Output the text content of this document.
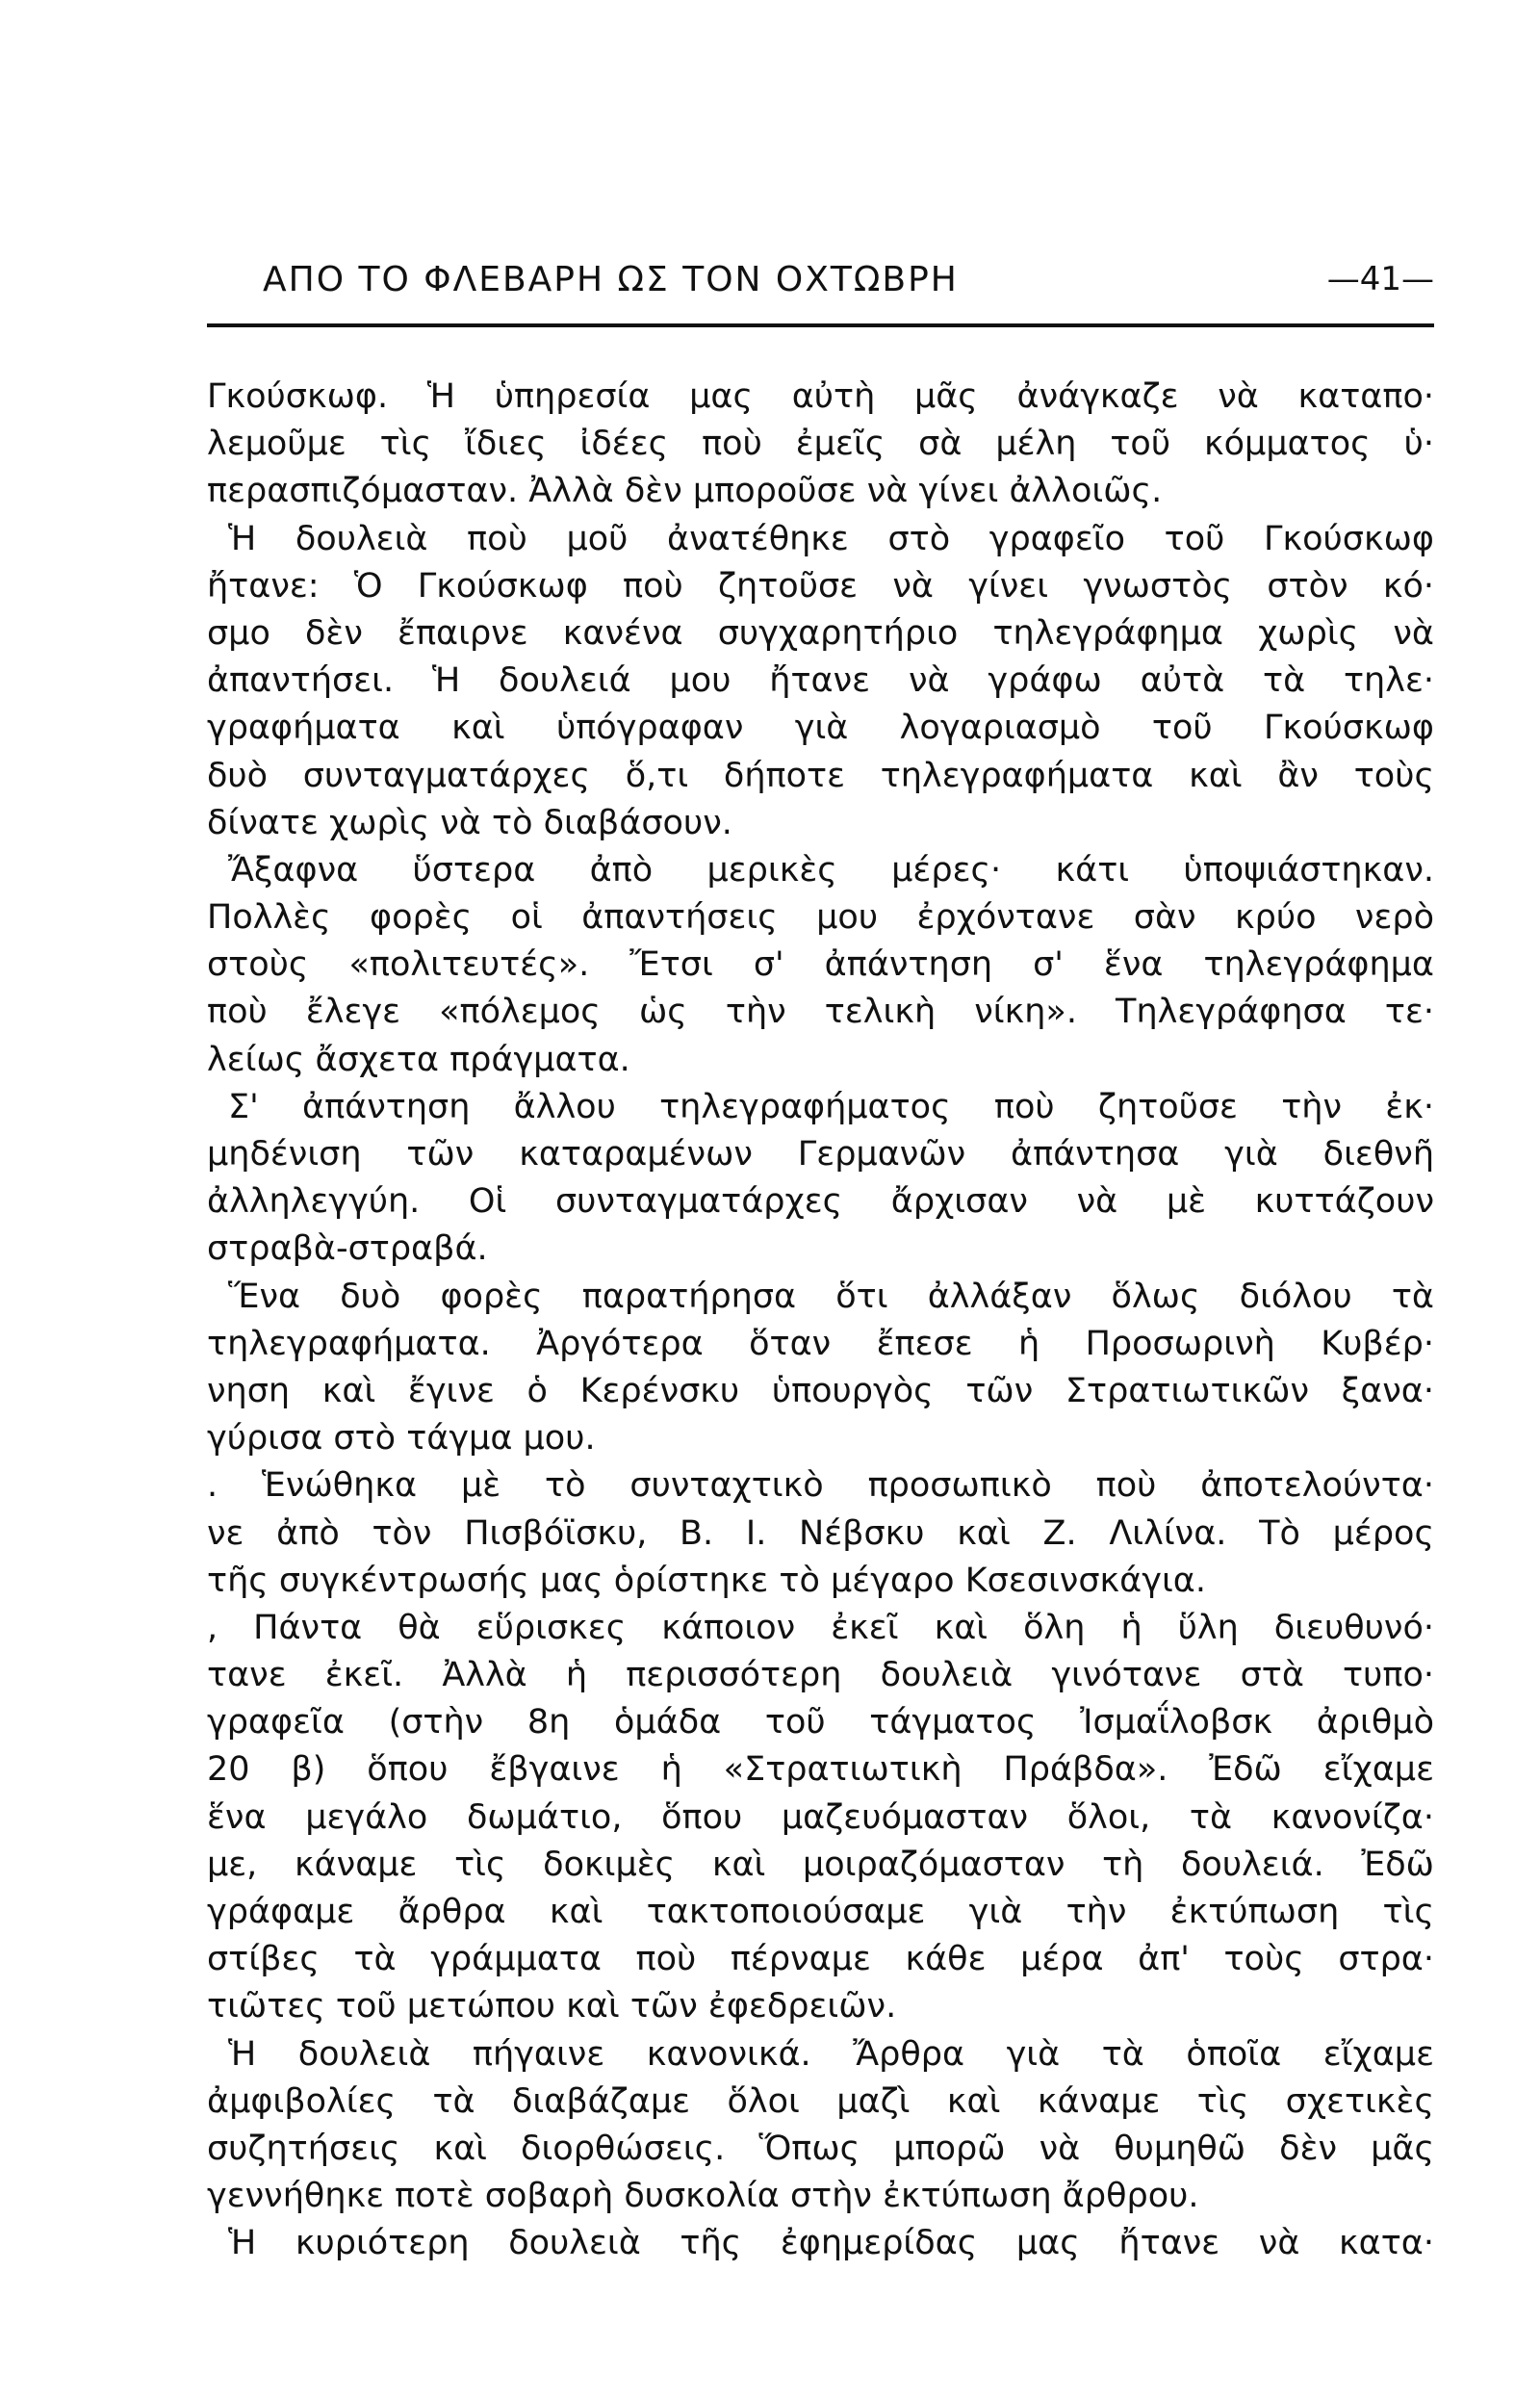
ΑΠΟ ΤΟ ΦΛΕΒΑΡΗ ΩΣ ΤΟΝ ΟΧΤΩΒΡΗ	—41—
Γκούσκωφ. Ἡ ὑπηρεσία μας αὐτὴ μᾶς ἀνάγκαζε νὰ καταπο·
λεμοῦμε τὶς ἴδιες ἰδέες ποὺ ἐμεῖς σὰ μέλη τοῦ κόμματος ὑ·
περασπιζόμασταν. Ἀλλὰ δὲν μποροῦσε νὰ γίνει ἀλλοιῶς.
Ἡ δουλειὰ ποὺ μοῦ ἀνατέθηκε στὸ γραφεῖο τοῦ Γκούσκωφ
ἤτανε: Ὁ Γκούσκωφ ποὺ ζητοῦσε νὰ γίνει γνωστὸς στὸν κό·
σμο δὲν ἔπαιρνε κανένα συγχαρητήριο τηλεγράφημα χωρὶς νὰ
ἀπαντήσει. Ἡ δουλειά μου ἤτανε νὰ γράφω αὐτὰ τὰ τηλε·
γραφήματα καὶ ὑπόγραφαν γιὰ λογαριασμὸ τοῦ Γκούσκωφ
δυὸ συνταγματάρχες ὅ,τι δήποτε τηλεγραφήματα καὶ ἂν τοὺς
δίνατε χωρὶς νὰ τὸ διαβάσουν.
Ἄξαφνα ὕστερα ἀπὸ μερικὲς μέρες· κάτι ὑποψιάστηκαν.
Πολλὲς φορὲς οἱ ἀπαντήσεις μου ἐρχόντανε σὰν κρύο νερὸ
στοὺς «πολιτευτές». Ἔτσι σ' ἀπάντηση σ' ἕνα τηλεγράφημα
ποὺ ἔλεγε «πόλεμος ὡς τὴν τελικὴ νίκη». Τηλεγράφησα τε·
λείως ἄσχετα πράγματα.
Σ' ἀπάντηση ἄλλου τηλεγραφήματος ποὺ ζητοῦσε τὴν ἐκ·
μηδένιση τῶν καταραμένων Γερμανῶν ἀπάντησα γιὰ διεθνῆ
ἀλληλεγγύη. Οἱ συνταγματάρχες ἄρχισαν νὰ μὲ κυττάζουν
στραβὰ-στραβά.
Ἕνα δυὸ φορὲς παρατήρησα ὅτι ἀλλάξαν ὅλως διόλου τὰ
τηλεγραφήματα. Ἀργότερα ὅταν ἔπεσε ἡ Προσωρινὴ Κυβέρ·
νηση καὶ ἔγινε ὁ Κερένσκυ ὑπουργὸς τῶν Στρατιωτικῶν ξανα·
γύρισα στὸ τάγμα μου.
. Ἑνώθηκα μὲ τὸ συνταχτικὸ προσωπικὸ ποὺ ἀποτελούντα·
νε ἀπὸ τὸν Πισβόϊσκυ, Β. Ι. Νέβσκυ καὶ Ζ. Λιλίνα. Τὸ μέρος
τῆς συγκέντρωσής μας ὁρίστηκε τὸ μέγαρο Κσεσινσκάγια.
, Πάντα θὰ εὕρισκες κάποιον ἐκεῖ καὶ ὅλη ἡ ὕλη διευθυνό·
τανε ἐκεῖ. Ἀλλὰ ἡ περισσότερη δουλειὰ γινότανε στὰ τυπο·
γραφεῖα (στὴν 8η ὁμάδα τοῦ τάγματος Ἰσμαΐλοβσκ ἀριθμὸ
20 β) ὅπου ἔβγαινε ἡ «Στρατιωτικὴ Πράβδα». Ἐδῶ εἴχαμε
ἕνα μεγάλο δωμάτιο, ὅπου μαζευόμασταν ὅλοι, τὰ κανονίζα·
με, κάναμε τὶς δοκιμὲς καὶ μοιραζόμασταν τὴ δουλειά. Ἐδῶ
γράφαμε ἄρθρα καὶ τακτοποιούσαμε γιὰ τὴν ἐκτύπωση τὶς
στίβες τὰ γράμματα ποὺ πέρναμε κάθε μέρα ἀπ' τοὺς στρα·
τιῶτες τοῦ μετώπου καὶ τῶν ἐφεδρειῶν.
Ἡ δουλειὰ πήγαινε κανονικά. Ἄρθρα γιὰ τὰ ὁποῖα εἴχαμε
ἀμφιβολίες τὰ διαβάζαμε ὅλοι μαζὶ καὶ κάναμε τὶς σχετικὲς
συζητήσεις καὶ διορθώσεις. Ὅπως μπορῶ νὰ θυμηθῶ δὲν μᾶς
γεννήθηκε ποτὲ σοβαρὴ δυσκολία στὴν ἐκτύπωση ἄρθρου.
Ἡ κυριότερη δουλειὰ τῆς ἐφημερίδας μας ἤτανε νὰ κατα·
